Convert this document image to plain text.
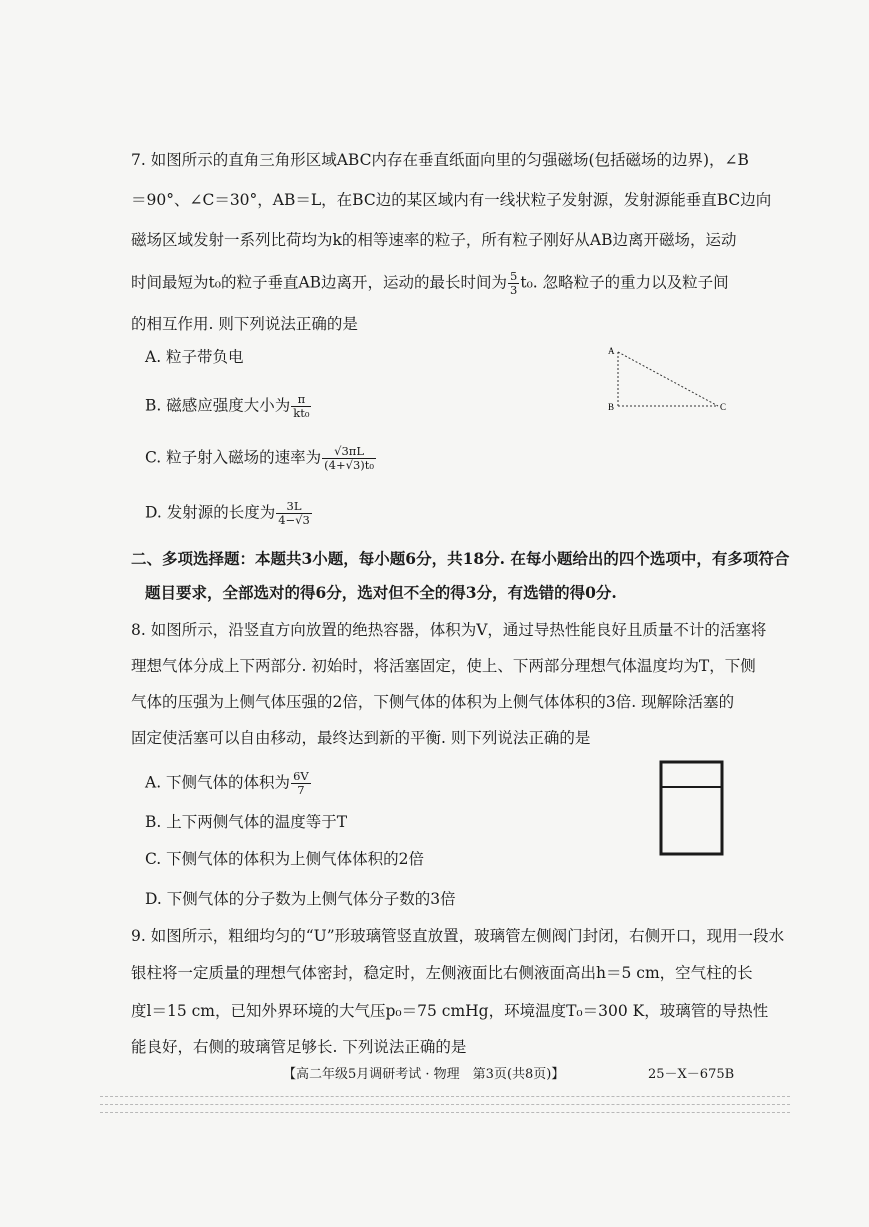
7. 如图所示的直角三角形区域ABC内存在垂直纸面向里的匀强磁场(包括磁场的边界)，∠B
＝90°、∠C＝30°，AB＝L，在BC边的某区域内有一线状粒子发射源，发射源能垂直BC边向
磁场区域发射一系列比荷均为k的相等速率的粒子，所有粒子刚好从AB边离开磁场，运动
时间最短为t₀的粒子垂直AB边离开，运动的最长时间为 $\frac{5}{3} t_0$. 忽略粒子的重力以及粒子间
的相互作用. 则下列说法正确的是
A. 粒子带负电
B. 磁感应强度大小为 $\frac{\pi}{\text{kt₀}}$
C. 粒子射入磁场的速率为 $\frac{√3\pi L}{\text{(4+√3)t₀}}$
D. 发射源的长度为 $\frac{3L}{4-√3}$
A
B	C
二、多项选择题：本题共3小题，每小题6分，共18分. 在每小题给出的四个选项中，有多项符合
题目要求，全部选对的得6分，选对但不全的得3分，有选错的得0分.
8. 如图所示，沿竖直方向放置的绝热容器，体积为V，通过导热性能良好且质量不计的活塞将
理想气体分成上下两部分. 初始时，将活塞固定，使上、下两部分理想气体温度均为T，下侧
气体的压强为上侧气体压强的2倍，下侧气体的体积为上侧气体体积的3倍. 现解除活塞的
固定使活塞可以自由移动，最终达到新的平衡. 则下列说法正确的是
A. 下侧气体的体积为 $\frac{6V}{7}$
B. 上下两侧气体的温度等于T
C. 下侧气体的体积为上侧气体体积的2倍
D. 下侧气体的分子数为上侧气体分子数的3倍
9. 如图所示，粗细均匀的“U”形玻璃管竖直放置，玻璃管左侧阀门封闭，右侧开口，现用一段水
银柱将一定质量的理想气体密封，稳定时，左侧液面比右侧液面高出h＝5 cm，空气柱的长
度l＝15 cm，已知外界环境的大气压p₀＝75 cmHg，环境温度T₀＝300 K，玻璃管的导热性
能良好，右侧的玻璃管足够长. 下列说法正确的是
【高二年级5月调研考试 · 物理　第3页(共8页)】	25－X－675B
